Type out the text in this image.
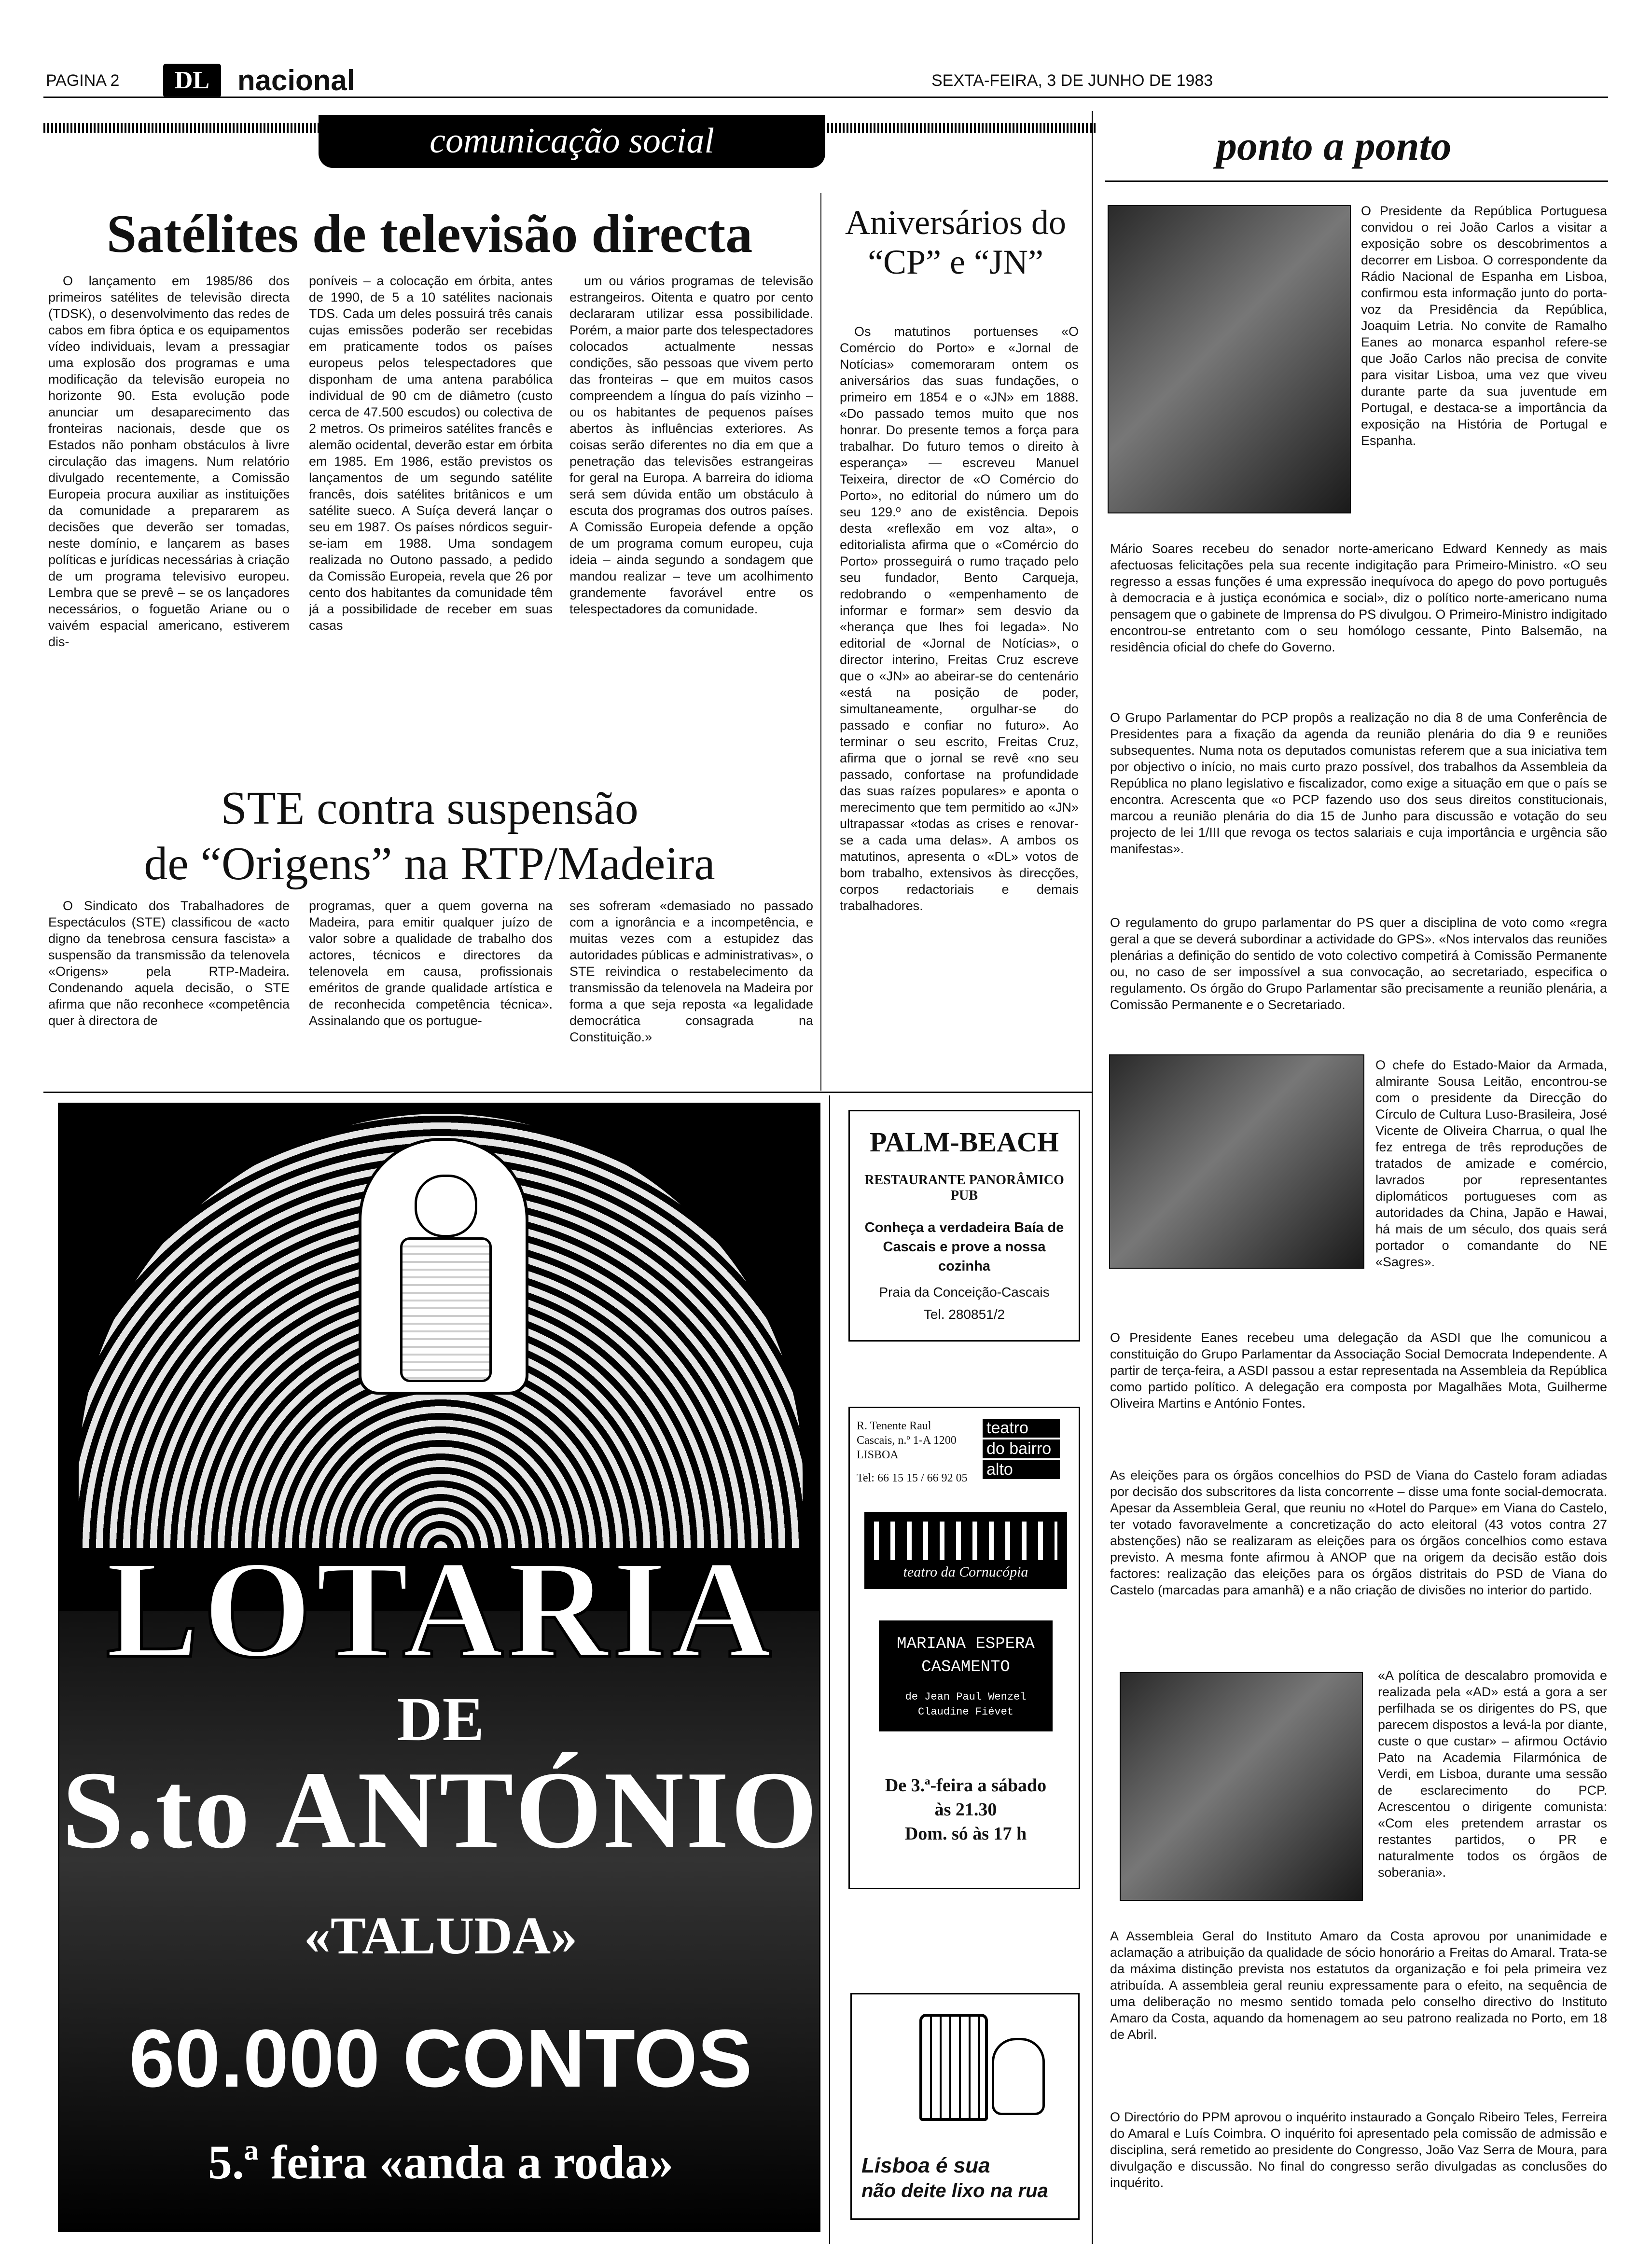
PAGINA 2	DL nacional	SEXTA-FEIRA, 3 DE JUNHO DE 1983
comunicação social	ponto a ponto
Satélites de televisão directa
O lançamento em 1985/86 dos primeiros satélites de televisão directa (TDSK), o desenvolvimento das redes de cabos em fibra óptica e os equipamentos vídeo individuais, levam a pressagiar uma explosão dos programas e uma modificação da televisão europeia no horizonte 90. Esta evolução pode anunciar um desaparecimento das fronteiras nacionais, desde que os Estados não ponham obstáculos à livre circulação das imagens. Num relatório divulgado recentemente, a Comissão Europeia procura auxiliar as instituições da comunidade a prepararem as decisões que deverão ser tomadas, neste domínio, e lançarem as bases políticas e jurídicas necessárias à criação de um programa televisivo europeu. Lembra que se prevê – se os lançadores necessários, o foguetão Ariane ou o vaivém espacial americano, estiverem dis-
poníveis – a colocação em órbita, antes de 1990, de 5 a 10 satélites nacionais TDS. Cada um deles possuirá três canais cujas emissões poderão ser recebidas em praticamente todos os países europeus pelos telespectadores que disponham de uma antena parabólica individual de 90 cm de diâmetro (custo cerca de 47.500 escudos) ou colectiva de 2 metros. Os primeiros satélites francês e alemão ocidental, deverão estar em órbita em 1985. Em 1986, estão previstos os lançamentos de um segundo satélite francês, dois satélites britânicos e um satélite sueco. A Suíça deverá lançar o seu em 1987. Os países nórdicos seguir-se-iam em 1988. Uma sondagem realizada no Outono passado, a pedido da Comissão Europeia, revela que 26 por cento dos habitantes da comunidade têm já a possibilidade de receber em suas casas
um ou vários programas de televisão estrangeiros. Oitenta e quatro por cento declararam utilizar essa possibilidade. Porém, a maior parte dos telespectadores colocados actualmente nessas condições, são pessoas que vivem perto das fronteiras – que em muitos casos compreendem a língua do país vizinho – ou os habitantes de pequenos países abertos às influências exteriores. As coisas serão diferentes no dia em que a penetração das televisões estrangeiras for geral na Europa. A barreira do idioma será sem dúvida então um obstáculo à escuta dos programas dos outros países. A Comissão Europeia defende a opção de um programa comum europeu, cuja ideia – ainda segundo a sondagem que mandou realizar – teve um acolhimento grandemente favorável entre os telespectadores da comunidade.
Aniversários do “CP” e “JN”
Os matutinos portuenses «O Comércio do Porto» e «Jornal de Notícias» comemoraram ontem os aniversários das suas fundações, o primeiro em 1854 e o «JN» em 1888. «Do passado temos muito que nos honrar. Do presente temos a força para trabalhar. Do futuro temos o direito à esperança» — escreveu Manuel Teixeira, director de «O Comércio do Porto», no editorial do número um do seu 129.º ano de existência. Depois desta «reflexão em voz alta», o editorialista afirma que o «Comércio do Porto» prosseguirá o rumo traçado pelo seu fundador, Bento Carqueja, redobrando o «empenhamento de informar e formar» sem desvio da «herança que lhes foi legada». No editorial de «Jornal de Notícias», o director interino, Freitas Cruz escreve que o «JN» ao abeirar-se do centenário «está na posição de poder, simultaneamente, orgulhar-se do passado e confiar no futuro». Ao terminar o seu escrito, Freitas Cruz, afirma que o jornal se revê «no seu passado, confortase na profundidade das suas raízes populares» e aponta o merecimento que tem permitido ao «JN» ultrapassar «todas as crises e renovar-se a cada uma delas». A ambos os matutinos, apresenta o «DL» votos de bom trabalho, extensivos às direcções, corpos redactoriais e demais trabalhadores.
STE contra suspensão
de “Origens” na RTP/Madeira
O Sindicato dos Trabalhadores de Espectáculos (STE) classificou de «acto digno da tenebrosa censura fascista» a suspensão da transmissão da telenovela «Origens» pela RTP-Madeira. Condenando aquela decisão, o STE afirma que não reconhece «competência quer à directora de
programas, quer a quem governa na Madeira, para emitir qualquer juízo de valor sobre a qualidade de trabalho dos actores, técnicos e directores da telenovela em causa, profissionais eméritos de grande qualidade artística e de reconhecida competência técnica». Assinalando que os portugue-
ses sofreram «demasiado no passado com a ignorância e a incompetência, e muitas vezes com a estupidez das autoridades públicas e administrativas», o STE reivindica o restabelecimento da transmissão da telenovela na Madeira por forma a que seja reposta «a legalidade democrática consagrada na Constituição.»
LOTARIA
DE
S.to ANTÓNIO
«TALUDA»
60.000 CONTOS
5.ª feira «anda a roda»
PALM-BEACH
RESTAURANTE PANORÂMICO
PUB
Conheça a verdadeira Baía de Cascais e prove a nossa cozinha
Praia da Conceição-Cascais
Tel. 280851/2
R. Tenente Raul Cascais, n.º 1-A 1200 LISBOA
Tel: 66 15 15 / 66 92 05
teatro
do bairro
alto
teatro da Cornucópia
MARIANA ESPERA
CASAMENTO
de Jean Paul Wenzel
Claudine Fiévet
De 3.ª-feira a sábado
às 21.30
Dom. só às 17 h
Lisboa é sua
não deite lixo na rua
O Presidente da República Portuguesa convidou o rei João Carlos a visitar a exposição sobre os descobrimentos a decorrer em Lisboa. O correspondente da Rádio Nacional de Espanha em Lisboa, confirmou esta informação junto do porta-voz da Presidência da República, Joaquim Letria. No convite de Ramalho Eanes ao monarca espanhol refere-se que João Carlos não precisa de convite para visitar Lisboa, uma vez que viveu durante parte da sua juventude em Portugal, e destaca-se a importância da exposição na História de Portugal e Espanha.
Mário Soares recebeu do senador norte-americano Edward Kennedy as mais afectuosas felicitações pela sua recente indigitação para Primeiro-Ministro. «O seu regresso a essas funções é uma expressão inequívoca do apego do povo português à democracia e à justiça económica e social», diz o político norte-americano numa pensagem que o gabinete de Imprensa do PS divulgou. O Primeiro-Ministro indigitado encontrou-se entretanto com o seu homólogo cessante, Pinto Balsemão, na residência oficial do chefe do Governo.
O Grupo Parlamentar do PCP propôs a realização no dia 8 de uma Conferência de Presidentes para a fixação da agenda da reunião plenária do dia 9 e reuniões subsequentes. Numa nota os deputados comunistas referem que a sua iniciativa tem por objectivo o início, no mais curto prazo possível, dos trabalhos da Assembleia da República no plano legislativo e fiscalizador, como exige a situação em que o país se encontra. Acrescenta que «o PCP fazendo uso dos seus direitos constitucionais, marcou a reunião plenária do dia 15 de Junho para discussão e votação do seu projecto de lei 1/III que revoga os tectos salariais e cuja importância e urgência são manifestas».
O regulamento do grupo parlamentar do PS quer a disciplina de voto como «regra geral a que se deverá subordinar a actividade do GPS». «Nos intervalos das reuniões plenárias a definição do sentido de voto colectivo competirá à Comissão Permanente ou, no caso de ser impossível a sua convocação, ao secretariado, especifica o regulamento. Os órgão do Grupo Parlamentar são precisamente a reunião plenária, a Comissão Permanente e o Secretariado.
O chefe do Estado-Maior da Armada, almirante Sousa Leitão, encontrou-se com o presidente da Direcção do Círculo de Cultura Luso-Brasileira, José Vicente de Oliveira Charrua, o qual lhe fez entrega de três reproduções de tratados de amizade e comércio, lavrados por representantes diplomáticos portugueses com as autoridades da China, Japão e Hawai, há mais de um século, dos quais será portador o comandante do NE «Sagres».
O Presidente Eanes recebeu uma delegação da ASDI que lhe comunicou a constituição do Grupo Parlamentar da Associação Social Democrata Independente. A partir de terça-feira, a ASDI passou a estar representada na Assembleia da República como partido político. A delegação era composta por Magalhães Mota, Guilherme Oliveira Martins e António Fontes.
As eleições para os órgãos concelhios do PSD de Viana do Castelo foram adiadas por decisão dos subscritores da lista concorrente – disse uma fonte social-democrata. Apesar da Assembleia Geral, que reuniu no «Hotel do Parque» em Viana do Castelo, ter votado favoravelmente a concretização do acto eleitoral (43 votos contra 27 abstenções) não se realizaram as eleições para os órgãos concelhios como estava previsto. A mesma fonte afirmou à ANOP que na origem da decisão estão dois factores: realização das eleições para os órgãos distritais do PSD de Viana do Castelo (marcadas para amanhã) e a não criação de divisões no interior do partido.
«A política de descalabro promovida e realizada pela «AD» está a gora a ser perfilhada se os dirigentes do PS, que parecem dispostos a levá-la por diante, custe o que custar» – afirmou Octávio Pato na Academia Filarmónica de Verdi, em Lisboa, durante uma sessão de esclarecimento do PCP. Acrescentou o dirigente comunista: «Com eles pretendem arrastar os restantes partidos, o PR e naturalmente todos os órgãos de soberania».
A Assembleia Geral do Instituto Amaro da Costa aprovou por unanimidade e aclamação a atribuição da qualidade de sócio honorário a Freitas do Amaral. Trata-se da máxima distinção prevista nos estatutos da organização e foi pela primeira vez atribuída. A assembleia geral reuniu expressamente para o efeito, na sequência de uma deliberação no mesmo sentido tomada pelo conselho directivo do Instituto Amaro da Costa, aquando da homenagem ao seu patrono realizada no Porto, em 18 de Abril.
O Directório do PPM aprovou o inquérito instaurado a Gonçalo Ribeiro Teles, Ferreira do Amaral e Luís Coimbra. O inquérito foi apresentado pela comissão de admissão e disciplina, será remetido ao presidente do Congresso, João Vaz Serra de Moura, para divulgação e discussão. No final do congresso serão divulgadas as conclusões do inquérito.
